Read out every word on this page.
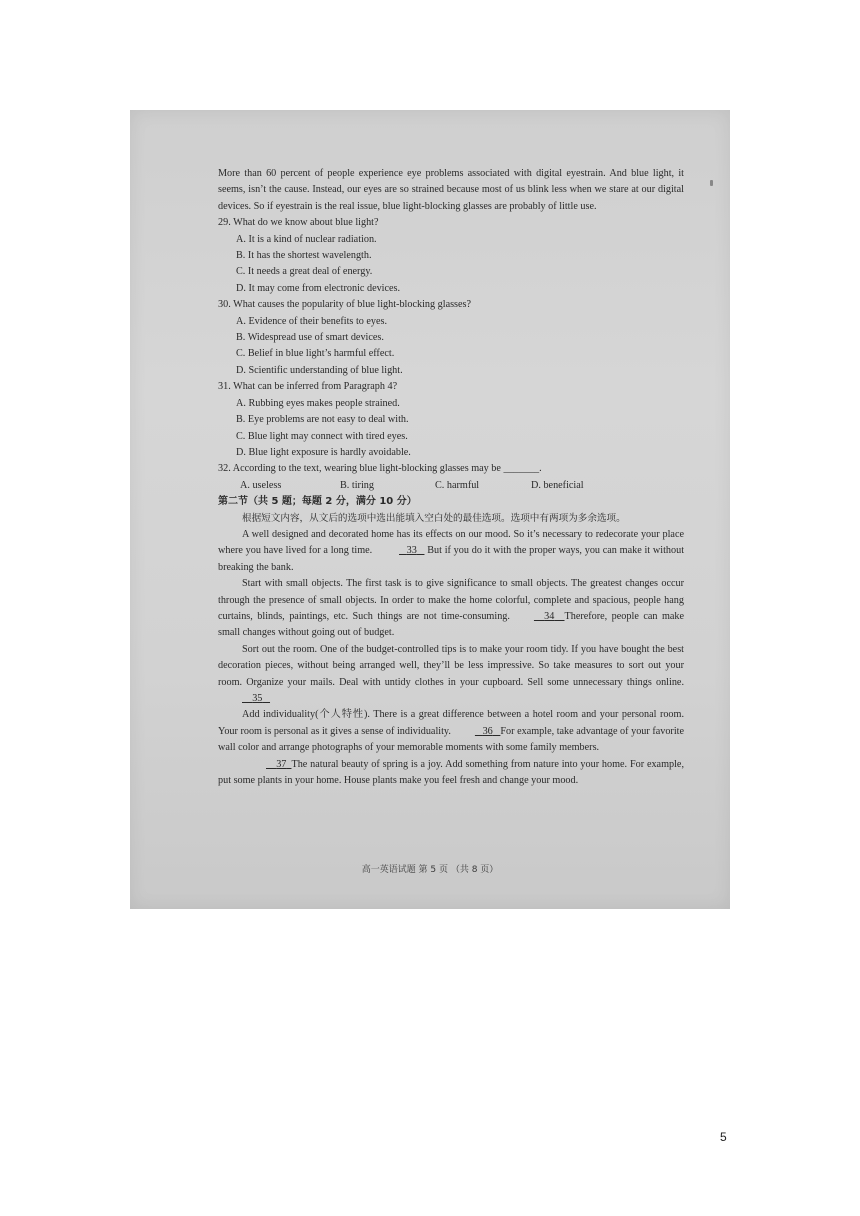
More than 60 percent of people experience eye problems associated with digital eyestrain. And blue light, it seems, isn’t the cause. Instead, our eyes are so strained because most of us blink less when we stare at our digital devices. So if eyestrain is the real issue, blue light-blocking glasses are probably of little use.

29. What do we know about blue light?

A. It is a kind of nuclear radiation.

B. It has the shortest wavelength.

C. It needs a great deal of energy.

D. It may come from electronic devices.

30. What causes the popularity of blue light-blocking glasses?

A. Evidence of their benefits to eyes.

B. Widespread use of smart devices.

C. Belief in blue light’s harmful effect.

D. Scientific understanding of blue light.

31. What can be inferred from Paragraph 4?

A. Rubbing eyes makes people strained.

B. Eye problems are not easy to deal with.

C. Blue light may connect with tired eyes.

D. Blue light exposure is hardly avoidable.

32. According to the text, wearing blue light-blocking glasses may be _______.

A. useless	B. tiring	C. harmful	D. beneficial

第二节（共 5 题；每题 2 分，满分 10 分）

根据短文内容，从文后的选项中选出能填入空白处的最佳选项。选项中有两项为多余选项。

A well designed and decorated home has its effects on our mood. So it’s necessary to redecorate your place where you have lived for a long time.	33 But if you do it with the proper ways, you can make it without breaking the bank.

Start with small objects. The first task is to give significance to small objects. The greatest changes occur through the presence of small objects. In order to make the home colorful, complete and spacious, people hang curtains, blinds, paintings, etc. Such things are not time-consuming.	34 Therefore, people can make small changes without going out of budget.

Sort out the room. One of the budget-controlled tips is to make your room tidy. If you have bought the best decoration pieces, without being arranged well, they’ll be less impressive. So take measures to sort out your room. Organize your mails. Deal with untidy clothes in your cupboard. Sell some unnecessary things online.    35

Add individuality(个人特性). There is a great difference between a hotel room and your personal room. Your room is personal as it gives a sense of individuality.	36 For example, take advantage of your favorite wall color and arrange photographs of your memorable moments with some family members.

37 The natural beauty of spring is a joy. Add something from nature into your home. For example, put some plants in your home. House plants make you feel fresh and change your mood.

高一英语试题 第 5 页 （共 8 页）
5
